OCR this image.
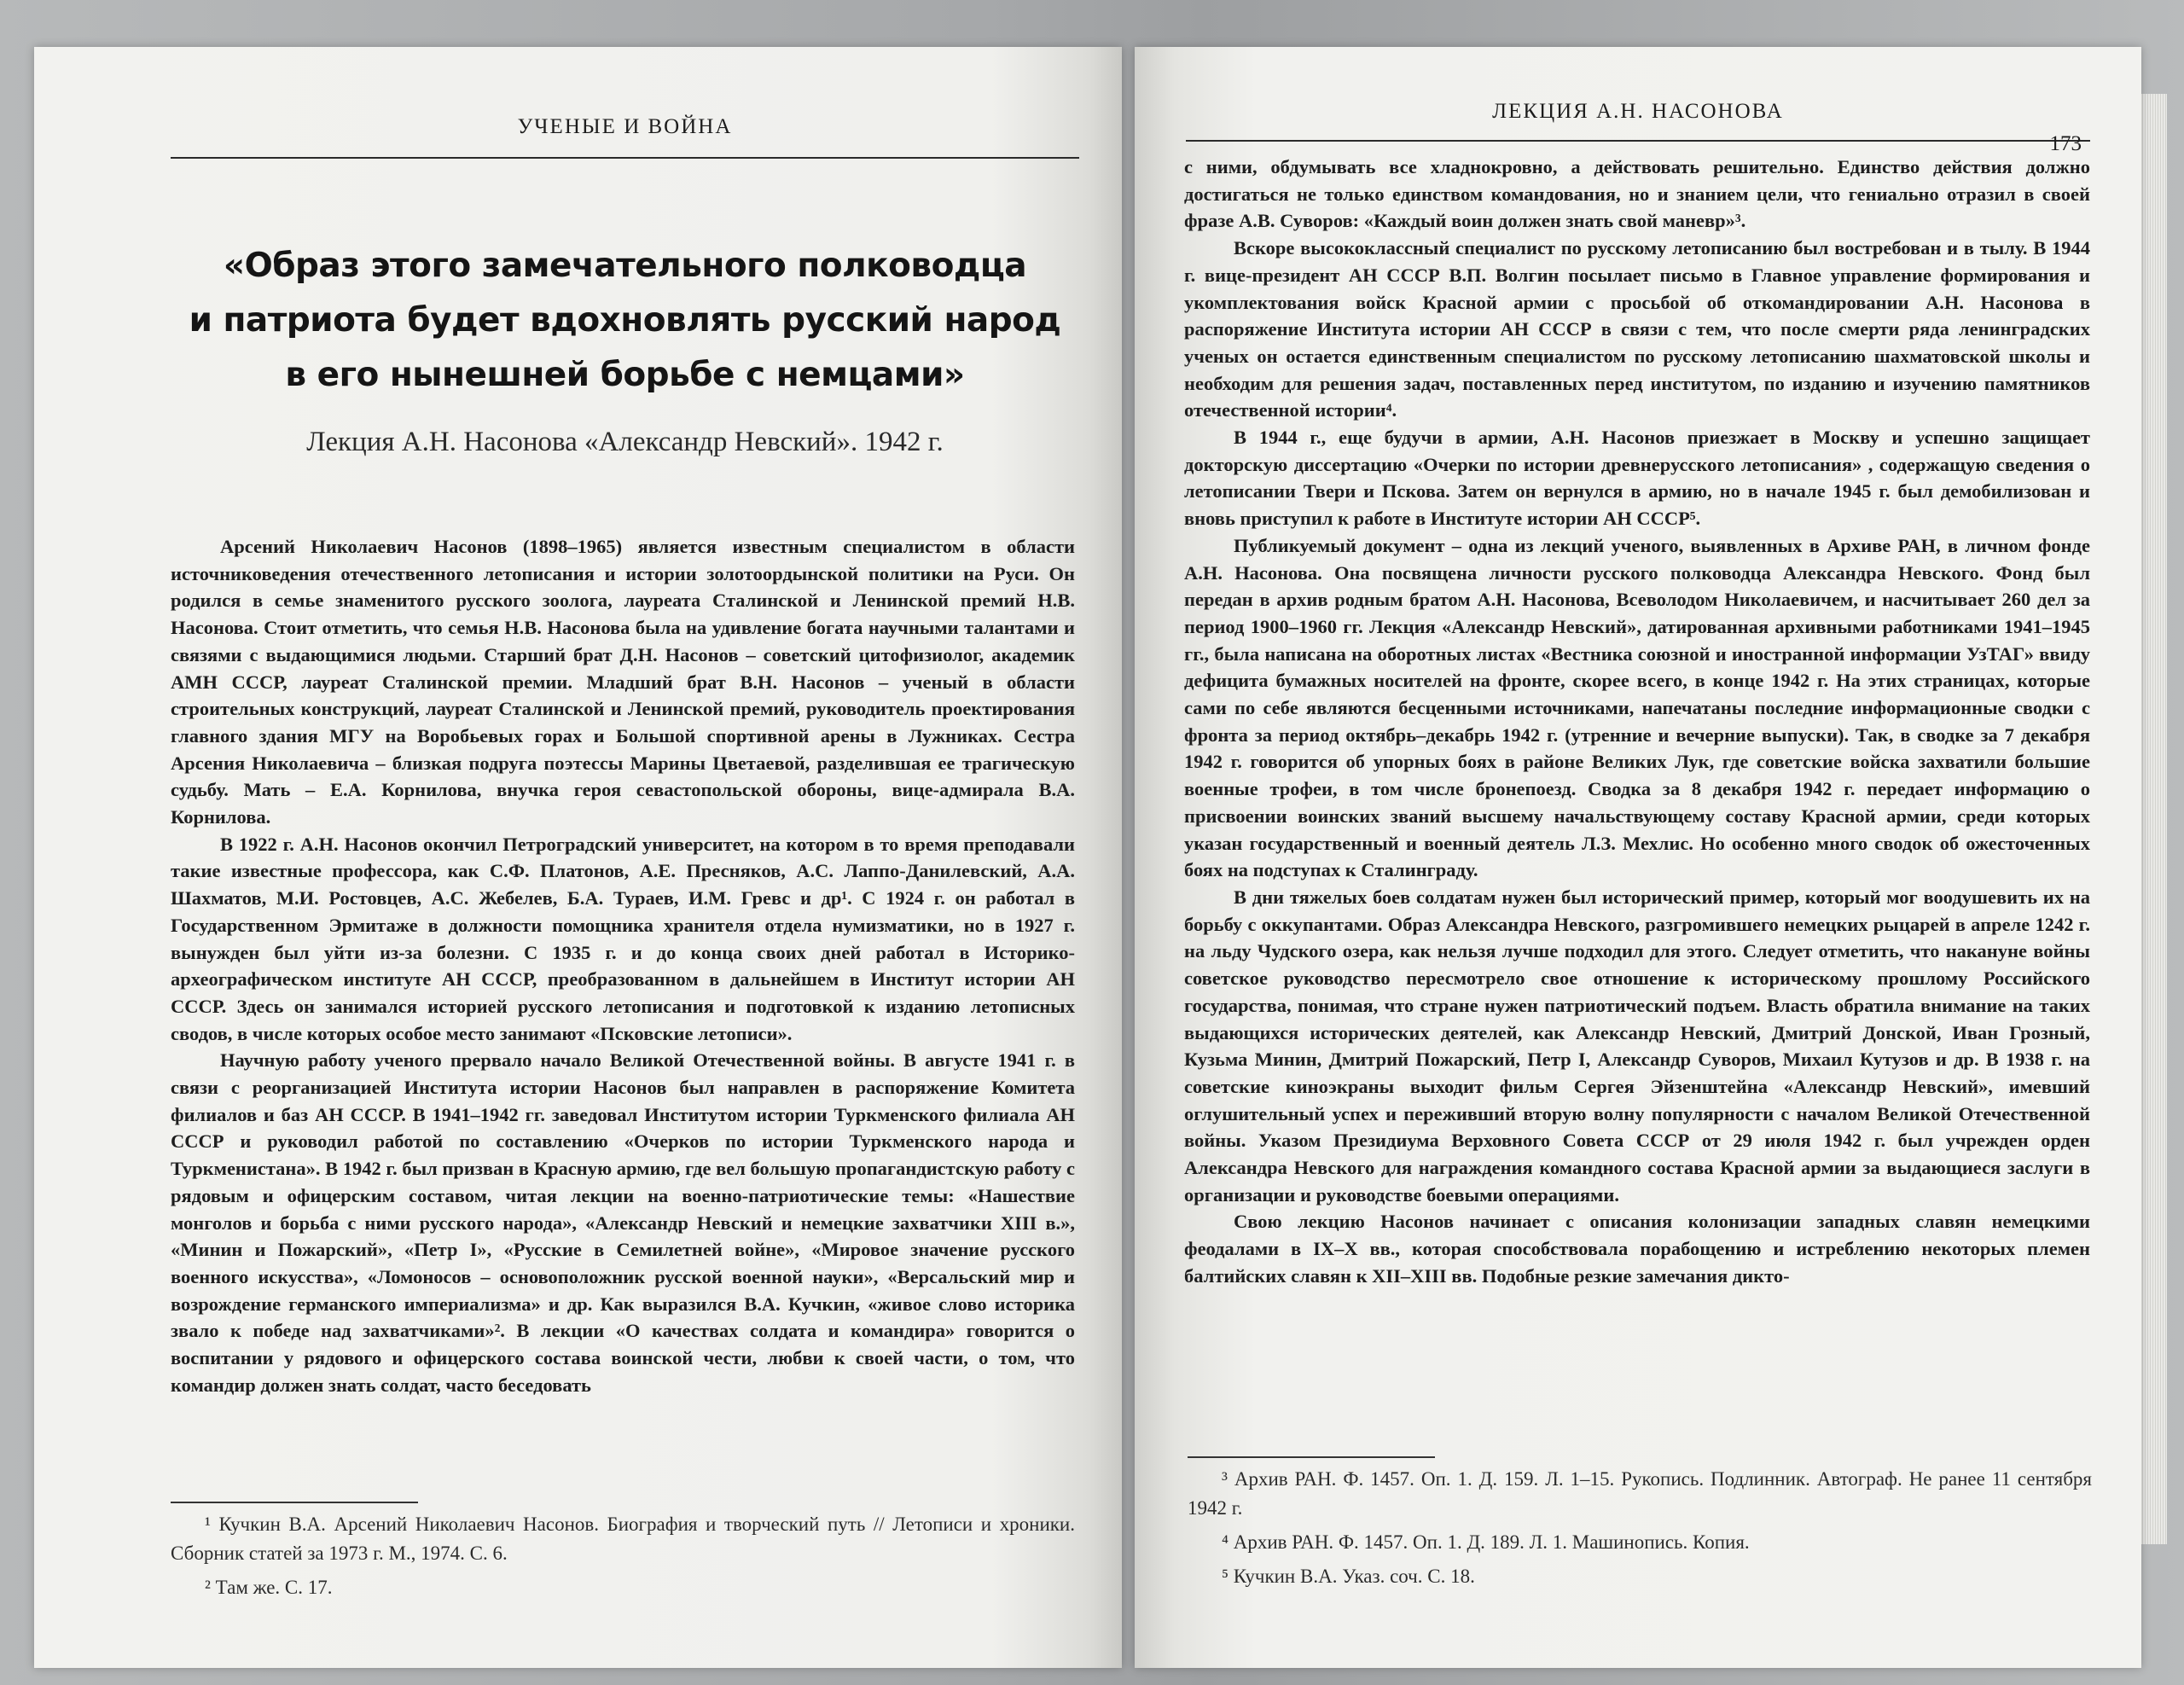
УЧЕНЫЕ И ВОЙНА
«Образ этого замечательного полководца
и патриота будет вдохновлять русский народ
в его нынешней борьбе с немцами»
Лекция А.Н. Насонова «Александр Невский». 1942 г.

Арсений Николаевич Насонов (1898–1965) является известным специалистом в области источниковедения отечественного летописания и истории золотоордынской политики на Руси. Он родился в семье знаменитого русского зоолога, лауреата Сталинской и Ленинской премий Н.В. Насонова. Стоит отметить, что семья Н.В. Насонова была на удивление богата научными талантами и связями с выдающимися людьми. Старший брат Д.Н. Насонов – советский цитофизиолог, академик АМН СССР, лауреат Сталинской премии. Младший брат В.Н. Насонов – ученый в области строительных конструкций, лауреат Сталинской и Ленинской премий, руководитель проектирования главного здания МГУ на Воробьевых горах и Большой спортивной арены в Лужниках. Сестра Арсения Николаевича – близкая подруга поэтессы Марины Цветаевой, разделившая ее трагическую судьбу. Мать – Е.А. Корнилова, внучка героя севастопольской обороны, вице-адмирала В.А. Корнилова.

В 1922 г. А.Н. Насонов окончил Петроградский университет, на котором в то время преподавали такие известные профессора, как С.Ф. Платонов, А.Е. Пресняков, А.С. Лаппо-Данилевский, А.А. Шахматов, М.И. Ростовцев, А.С. Жебелев, Б.А. Тураев, И.М. Гревс и др¹. С 1924 г. он работал в Государственном Эрмитаже в должности помощника хранителя отдела нумизматики, но в 1927 г. вынужден был уйти из-за болезни. С 1935 г. и до конца своих дней работал в Историко-археографическом институте АН СССР, преобразованном в дальнейшем в Институт истории АН СССР. Здесь он занимался историей русского летописания и подготовкой к изданию летописных сводов, в числе которых особое место занимают «Псковские летописи».

Научную работу ученого прервало начало Великой Отечественной войны. В августе 1941 г. в связи с реорганизацией Института истории Насонов был направлен в распоряжение Комитета филиалов и баз АН СССР. В 1941–1942 гг. заведовал Институтом истории Туркменского филиала АН СССР и руководил работой по составлению «Очерков по истории Туркменского народа и Туркменистана». В 1942 г. был призван в Красную армию, где вел большую пропагандистскую работу с рядовым и офицерским составом, читая лекции на военно-патриотические темы: «Нашествие монголов и борьба с ними русского народа», «Александр Невский и немецкие захватчики XIII в.», «Минин и Пожарский», «Петр I», «Русские в Семилетней войне», «Мировое значение русского военного искусства», «Ломоносов – основоположник русской военной науки», «Версальский мир и возрождение германского империализма» и др. Как выразился В.А. Кучкин, «живое слово историка звало к победе над захватчиками»². В лекции «О качествах солдата и командира» говорится о воспитании у рядового и офицерского состава воинской чести, любви к своей части, о том, что командир должен знать солдат, часто беседовать

¹ Кучкин В.А. Арсений Николаевич Насонов. Биография и творческий путь // Летописи и хроники. Сборник статей за 1973 г. М., 1974. С. 6.

² Там же. С. 17.

ЛЕКЦИЯ А.Н. НАСОНОВА
173

с ними, обдумывать все хладнокровно, а действовать решительно. Единство действия должно достигаться не только единством командования, но и знанием цели, что гениально отразил в своей фразе А.В. Суворов: «Каждый воин должен знать свой маневр»³.

Вскоре высококлассный специалист по русскому летописанию был востребован и в тылу. В 1944 г. вице-президент АН СССР В.П. Волгин посылает письмо в Главное управление формирования и укомплектования войск Красной армии с просьбой об откомандировании А.Н. Насонова в распоряжение Института истории АН СССР в связи с тем, что после смерти ряда ленинградских ученых он остается единственным специалистом по русскому летописанию шахматовской школы и необходим для решения задач, поставленных перед институтом, по изданию и изучению памятников отечественной истории⁴.

В 1944 г., еще будучи в армии, А.Н. Насонов приезжает в Москву и успешно защищает докторскую диссертацию «Очерки по истории древнерусского летописания» , содержащую сведения о летописании Твери и Пскова. Затем он вернулся в армию, но в начале 1945 г. был демобилизован и вновь приступил к работе в Институте истории АН СССР⁵.

Публикуемый документ – одна из лекций ученого, выявленных в Архиве РАН, в личном фонде А.Н. Насонова. Она посвящена личности русского полководца Александра Невского. Фонд был передан в архив родным братом А.Н. Насонова, Всеволодом Николаевичем, и насчитывает 260 дел за период 1900–1960 гг. Лекция «Александр Невский», датированная архивными работниками 1941–1945 гг., была написана на оборотных листах «Вестника союзной и иностранной информации УзТАГ» ввиду дефицита бумажных носителей на фронте, скорее всего, в конце 1942 г. На этих страницах, которые сами по себе являются бесценными источниками, напечатаны последние информационные сводки с фронта за период октябрь–декабрь 1942 г. (утренние и вечерние выпуски). Так, в сводке за 7 декабря 1942 г. говорится об упорных боях в районе Великих Лук, где советские войска захватили большие военные трофеи, в том числе бронепоезд. Сводка за 8 декабря 1942 г. передает информацию о присвоении воинских званий высшему начальствующему составу Красной армии, среди которых указан государственный и военный деятель Л.З. Мехлис. Но особенно много сводок об ожесточенных боях на подступах к Сталинграду.

В дни тяжелых боев солдатам нужен был исторический пример, который мог воодушевить их на борьбу с оккупантами. Образ Александра Невского, разгромившего немецких рыцарей в апреле 1242 г. на льду Чудского озера, как нельзя лучше подходил для этого. Следует отметить, что накануне войны советское руководство пересмотрело свое отношение к историческому прошлому Российского государства, понимая, что стране нужен патриотический подъем. Власть обратила внимание на таких выдающихся исторических деятелей, как Александр Невский, Дмитрий Донской, Иван Грозный, Кузьма Минин, Дмитрий Пожарский, Петр I, Александр Суворов, Михаил Кутузов и др. В 1938 г. на советские киноэкраны выходит фильм Сергея Эйзенштейна «Александр Невский», имевший оглушительный успех и переживший вторую волну популярности с началом Великой Отечественной войны. Указом Президиума Верховного Совета СССР от 29 июля 1942 г. был учрежден орден Александра Невского для награждения командного состава Красной армии за выдающиеся заслуги в организации и руководстве боевыми операциями.

Свою лекцию Насонов начинает с описания колонизации западных славян немецкими феодалами в IX–X вв., которая способствовала порабощению и истреблению некоторых племен балтийских славян к XII–XIII вв. Подобные резкие замечания дикто-

³ Архив РАН. Ф. 1457. Оп. 1. Д. 159. Л. 1–15. Рукопись. Подлинник. Автограф. Не ранее 11 сентября 1942 г.

⁴ Архив РАН. Ф. 1457. Оп. 1. Д. 189. Л. 1. Машинопись. Копия.

⁵ Кучкин В.А. Указ. соч. С. 18.
